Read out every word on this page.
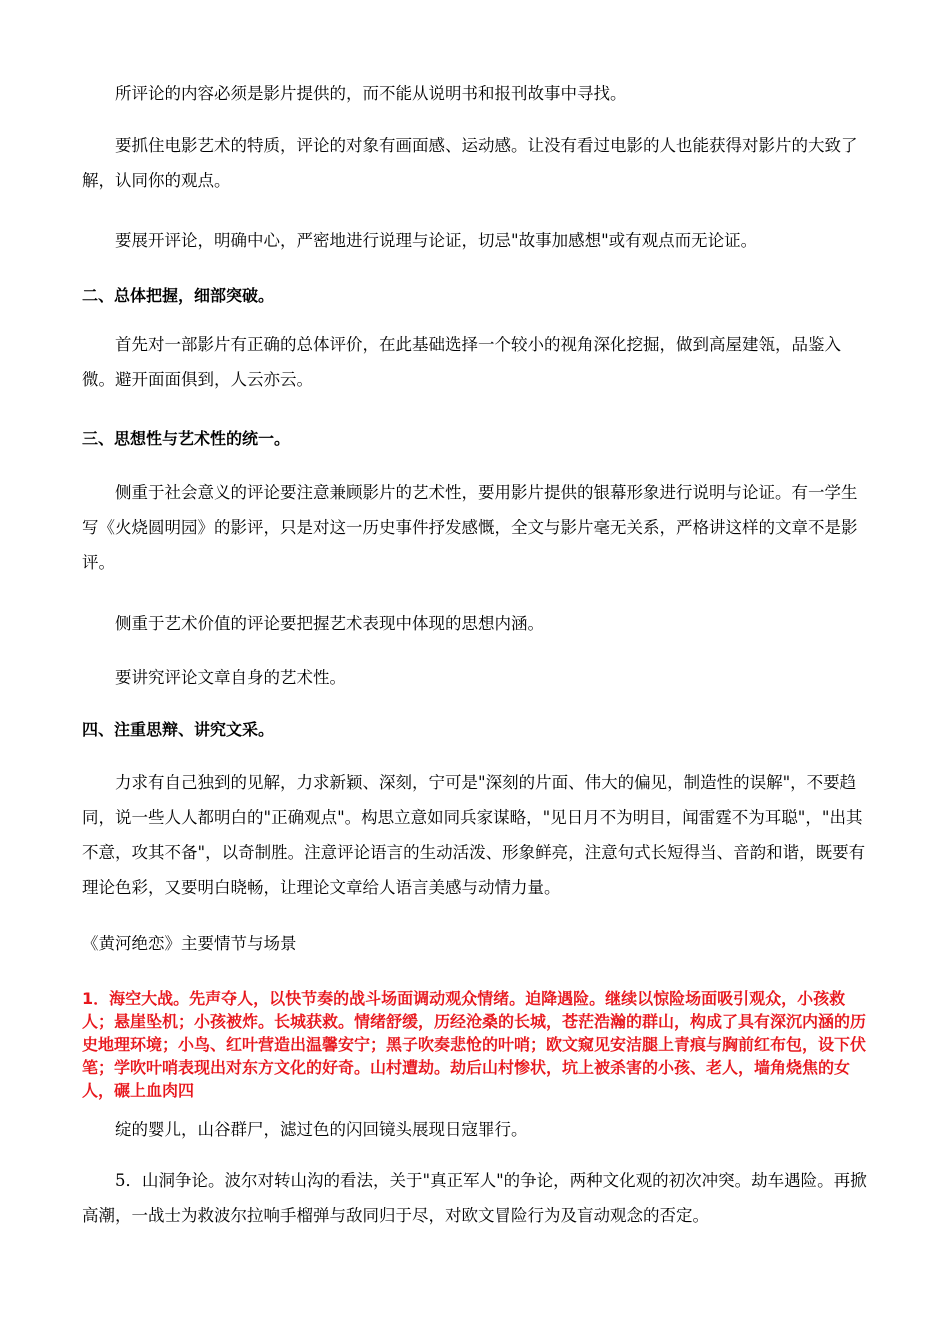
所评论的内容必须是影片提供的，而不能从说明书和报刊故事中寻找。

要抓住电影艺术的特质，评论的对象有画面感、运动感。让没有看过电影的人也能获得对影片的大致了解，认同你的观点。

要展开评论，明确中心，严密地进行说理与论证，切忌"故事加感想"或有观点而无论证。

二、总体把握，细部突破。

首先对一部影片有正确的总体评价，在此基础选择一个较小的视角深化挖掘，做到高屋建瓴，品鉴入微。避开面面俱到，人云亦云。

三、思想性与艺术性的统一。

侧重于社会意义的评论要注意兼顾影片的艺术性，要用影片提供的银幕形象进行说明与论证。有一学生写《火烧圆明园》的影评，只是对这一历史事件抒发感慨，全文与影片毫无关系，严格讲这样的文章不是影评。

侧重于艺术价值的评论要把握艺术表现中体现的思想内涵。

要讲究评论文章自身的艺术性。

四、注重思辩、讲究文采。

力求有自己独到的见解，力求新颖、深刻，宁可是"深刻的片面、伟大的偏见，制造性的误解"，不要趋同，说一些人人都明白的"正确观点"。构思立意如同兵家谋略，"见日月不为明目，闻雷霆不为耳聪"，"出其不意，攻其不备"，以奇制胜。注意评论语言的生动活泼、形象鲜亮，注意句式长短得当、音韵和谐，既要有理论色彩，又要明白晓畅，让理论文章给人语言美感与动情力量。

《黄河绝恋》主要情节与场景

1．海空大战。先声夺人，以快节奏的战斗场面调动观众情绪。迫降遇险。继续以惊险场面吸引观众，小孩救人；悬崖坠机；小孩被炸。长城获救。情绪舒缓，历经沧桑的长城，苍茫浩瀚的群山，构成了具有深沉内涵的历史地理环境；小鸟、红叶营造出温馨安宁；黑子吹奏悲怆的叶哨；欧文窥见安洁腿上青痕与胸前红布包，设下伏笔；学吹叶哨表现出对东方文化的好奇。山村遭劫。劫后山村惨状，坑上被杀害的小孩、老人，墙角烧焦的女人，碾上血肉四

绽的婴儿，山谷群尸，滤过色的闪回镜头展现日寇罪行。

5．山洞争论。波尔对转山沟的看法，关于"真正军人"的争论，两种文化观的初次冲突。劫车遇险。再掀高潮，一战士为救波尔拉响手榴弹与敌同归于尽，对欧文冒险行为及盲动观念的否定。
